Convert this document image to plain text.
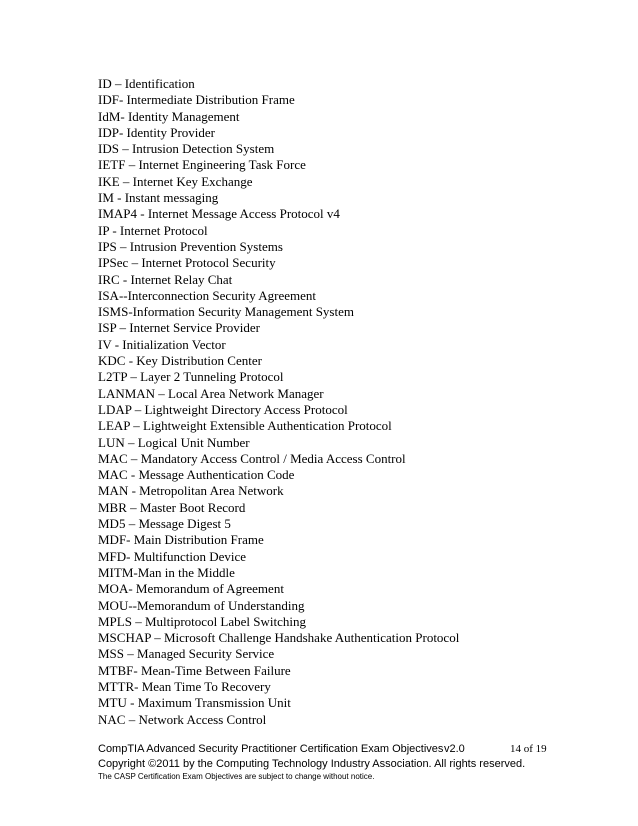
ID – Identification
IDF- Intermediate Distribution Frame
IdM- Identity Management
IDP- Identity Provider
IDS – Intrusion Detection System
IETF – Internet Engineering Task Force
IKE – Internet Key Exchange
IM - Instant messaging
IMAP4 - Internet Message Access Protocol v4
IP - Internet Protocol
IPS – Intrusion Prevention Systems
IPSec – Internet Protocol Security
IRC - Internet Relay Chat
ISA--Interconnection Security Agreement
ISMS-Information Security Management System
ISP – Internet Service Provider
IV - Initialization Vector
KDC - Key Distribution Center
L2TP – Layer 2 Tunneling Protocol
LANMAN – Local Area Network Manager
LDAP – Lightweight Directory Access Protocol
LEAP – Lightweight Extensible Authentication Protocol
LUN – Logical Unit Number
MAC – Mandatory Access Control / Media Access Control
MAC - Message Authentication Code
MAN - Metropolitan Area Network
MBR – Master Boot Record
MD5 – Message Digest 5
MDF- Main Distribution Frame
MFD- Multifunction Device
MITM-Man in the Middle
MOA- Memorandum of Agreement
MOU--Memorandum of Understanding
MPLS – Multiprotocol Label Switching
MSCHAP – Microsoft Challenge Handshake Authentication Protocol
MSS – Managed Security Service
MTBF- Mean-Time Between Failure
MTTR- Mean Time To Recovery
MTU - Maximum Transmission Unit
NAC – Network Access Control
CompTIA Advanced Security Practitioner Certification Exam Objectives v2.0	14 of 19
Copyright ©2011 by the Computing Technology Industry Association. All rights reserved.
The CASP Certification Exam Objectives are subject to change without notice.
